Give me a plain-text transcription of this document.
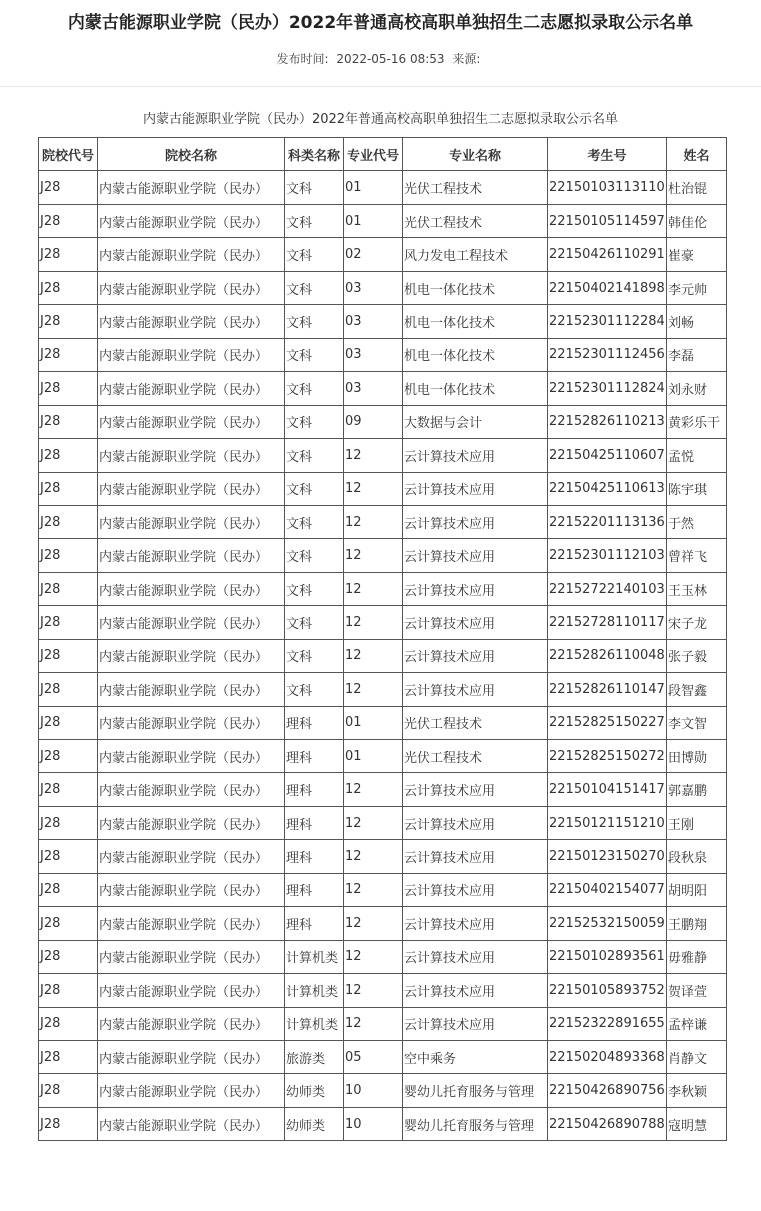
内蒙古能源职业学院（民办）2022年普通高校高职单独招生二志愿拟录取公示名单
发布时间: 2022-05-16 08:53 来源:
内蒙古能源职业学院（民办）2022年普通高校高职单独招生二志愿拟录取公示名单
院校代号	院校名称	科类名称	专业代号	专业名称	考生号	姓名
J28	内蒙古能源职业学院（民办）	文科	01	光伏工程技术	22150103113110	杜治锟
J28	内蒙古能源职业学院（民办）	文科	01	光伏工程技术	22150105114597	韩佳伦
J28	内蒙古能源职业学院（民办）	文科	02	风力发电工程技术	22150426110291	崔豪
J28	内蒙古能源职业学院（民办）	文科	03	机电一体化技术	22150402141898	李元帅
J28	内蒙古能源职业学院（民办）	文科	03	机电一体化技术	22152301112284	刘畅
J28	内蒙古能源职业学院（民办）	文科	03	机电一体化技术	22152301112456	李磊
J28	内蒙古能源职业学院（民办）	文科	03	机电一体化技术	22152301112824	刘永财
J28	内蒙古能源职业学院（民办）	文科	09	大数据与会计	22152826110213	黄彩乐干
J28	内蒙古能源职业学院（民办）	文科	12	云计算技术应用	22150425110607	孟悦
J28	内蒙古能源职业学院（民办）	文科	12	云计算技术应用	22150425110613	陈宇琪
J28	内蒙古能源职业学院（民办）	文科	12	云计算技术应用	22152201113136	于然
J28	内蒙古能源职业学院（民办）	文科	12	云计算技术应用	22152301112103	曾祥飞
J28	内蒙古能源职业学院（民办）	文科	12	云计算技术应用	22152722140103	王玉林
J28	内蒙古能源职业学院（民办）	文科	12	云计算技术应用	22152728110117	宋子龙
J28	内蒙古能源职业学院（民办）	文科	12	云计算技术应用	22152826110048	张子毅
J28	内蒙古能源职业学院（民办）	文科	12	云计算技术应用	22152826110147	段智鑫
J28	内蒙古能源职业学院（民办）	理科	01	光伏工程技术	22152825150227	李文智
J28	内蒙古能源职业学院（民办）	理科	01	光伏工程技术	22152825150272	田博勋
J28	内蒙古能源职业学院（民办）	理科	12	云计算技术应用	22150104151417	郭嘉鹏
J28	内蒙古能源职业学院（民办）	理科	12	云计算技术应用	22150121151210	王刚
J28	内蒙古能源职业学院（民办）	理科	12	云计算技术应用	22150123150270	段秋泉
J28	内蒙古能源职业学院（民办）	理科	12	云计算技术应用	22150402154077	胡明阳
J28	内蒙古能源职业学院（民办）	理科	12	云计算技术应用	22152532150059	王鹏翔
J28	内蒙古能源职业学院（民办）	计算机类	12	云计算技术应用	22150102893561	毋雅静
J28	内蒙古能源职业学院（民办）	计算机类	12	云计算技术应用	22150105893752	贺译萱
J28	内蒙古能源职业学院（民办）	计算机类	12	云计算技术应用	22152322891655	孟梓谦
J28	内蒙古能源职业学院（民办）	旅游类	05	空中乘务	22150204893368	肖静文
J28	内蒙古能源职业学院（民办）	幼师类	10	婴幼儿托育服务与管理	22150426890756	李秋颖
J28	内蒙古能源职业学院（民办）	幼师类	10	婴幼儿托育服务与管理	22150426890788	寇明慧
